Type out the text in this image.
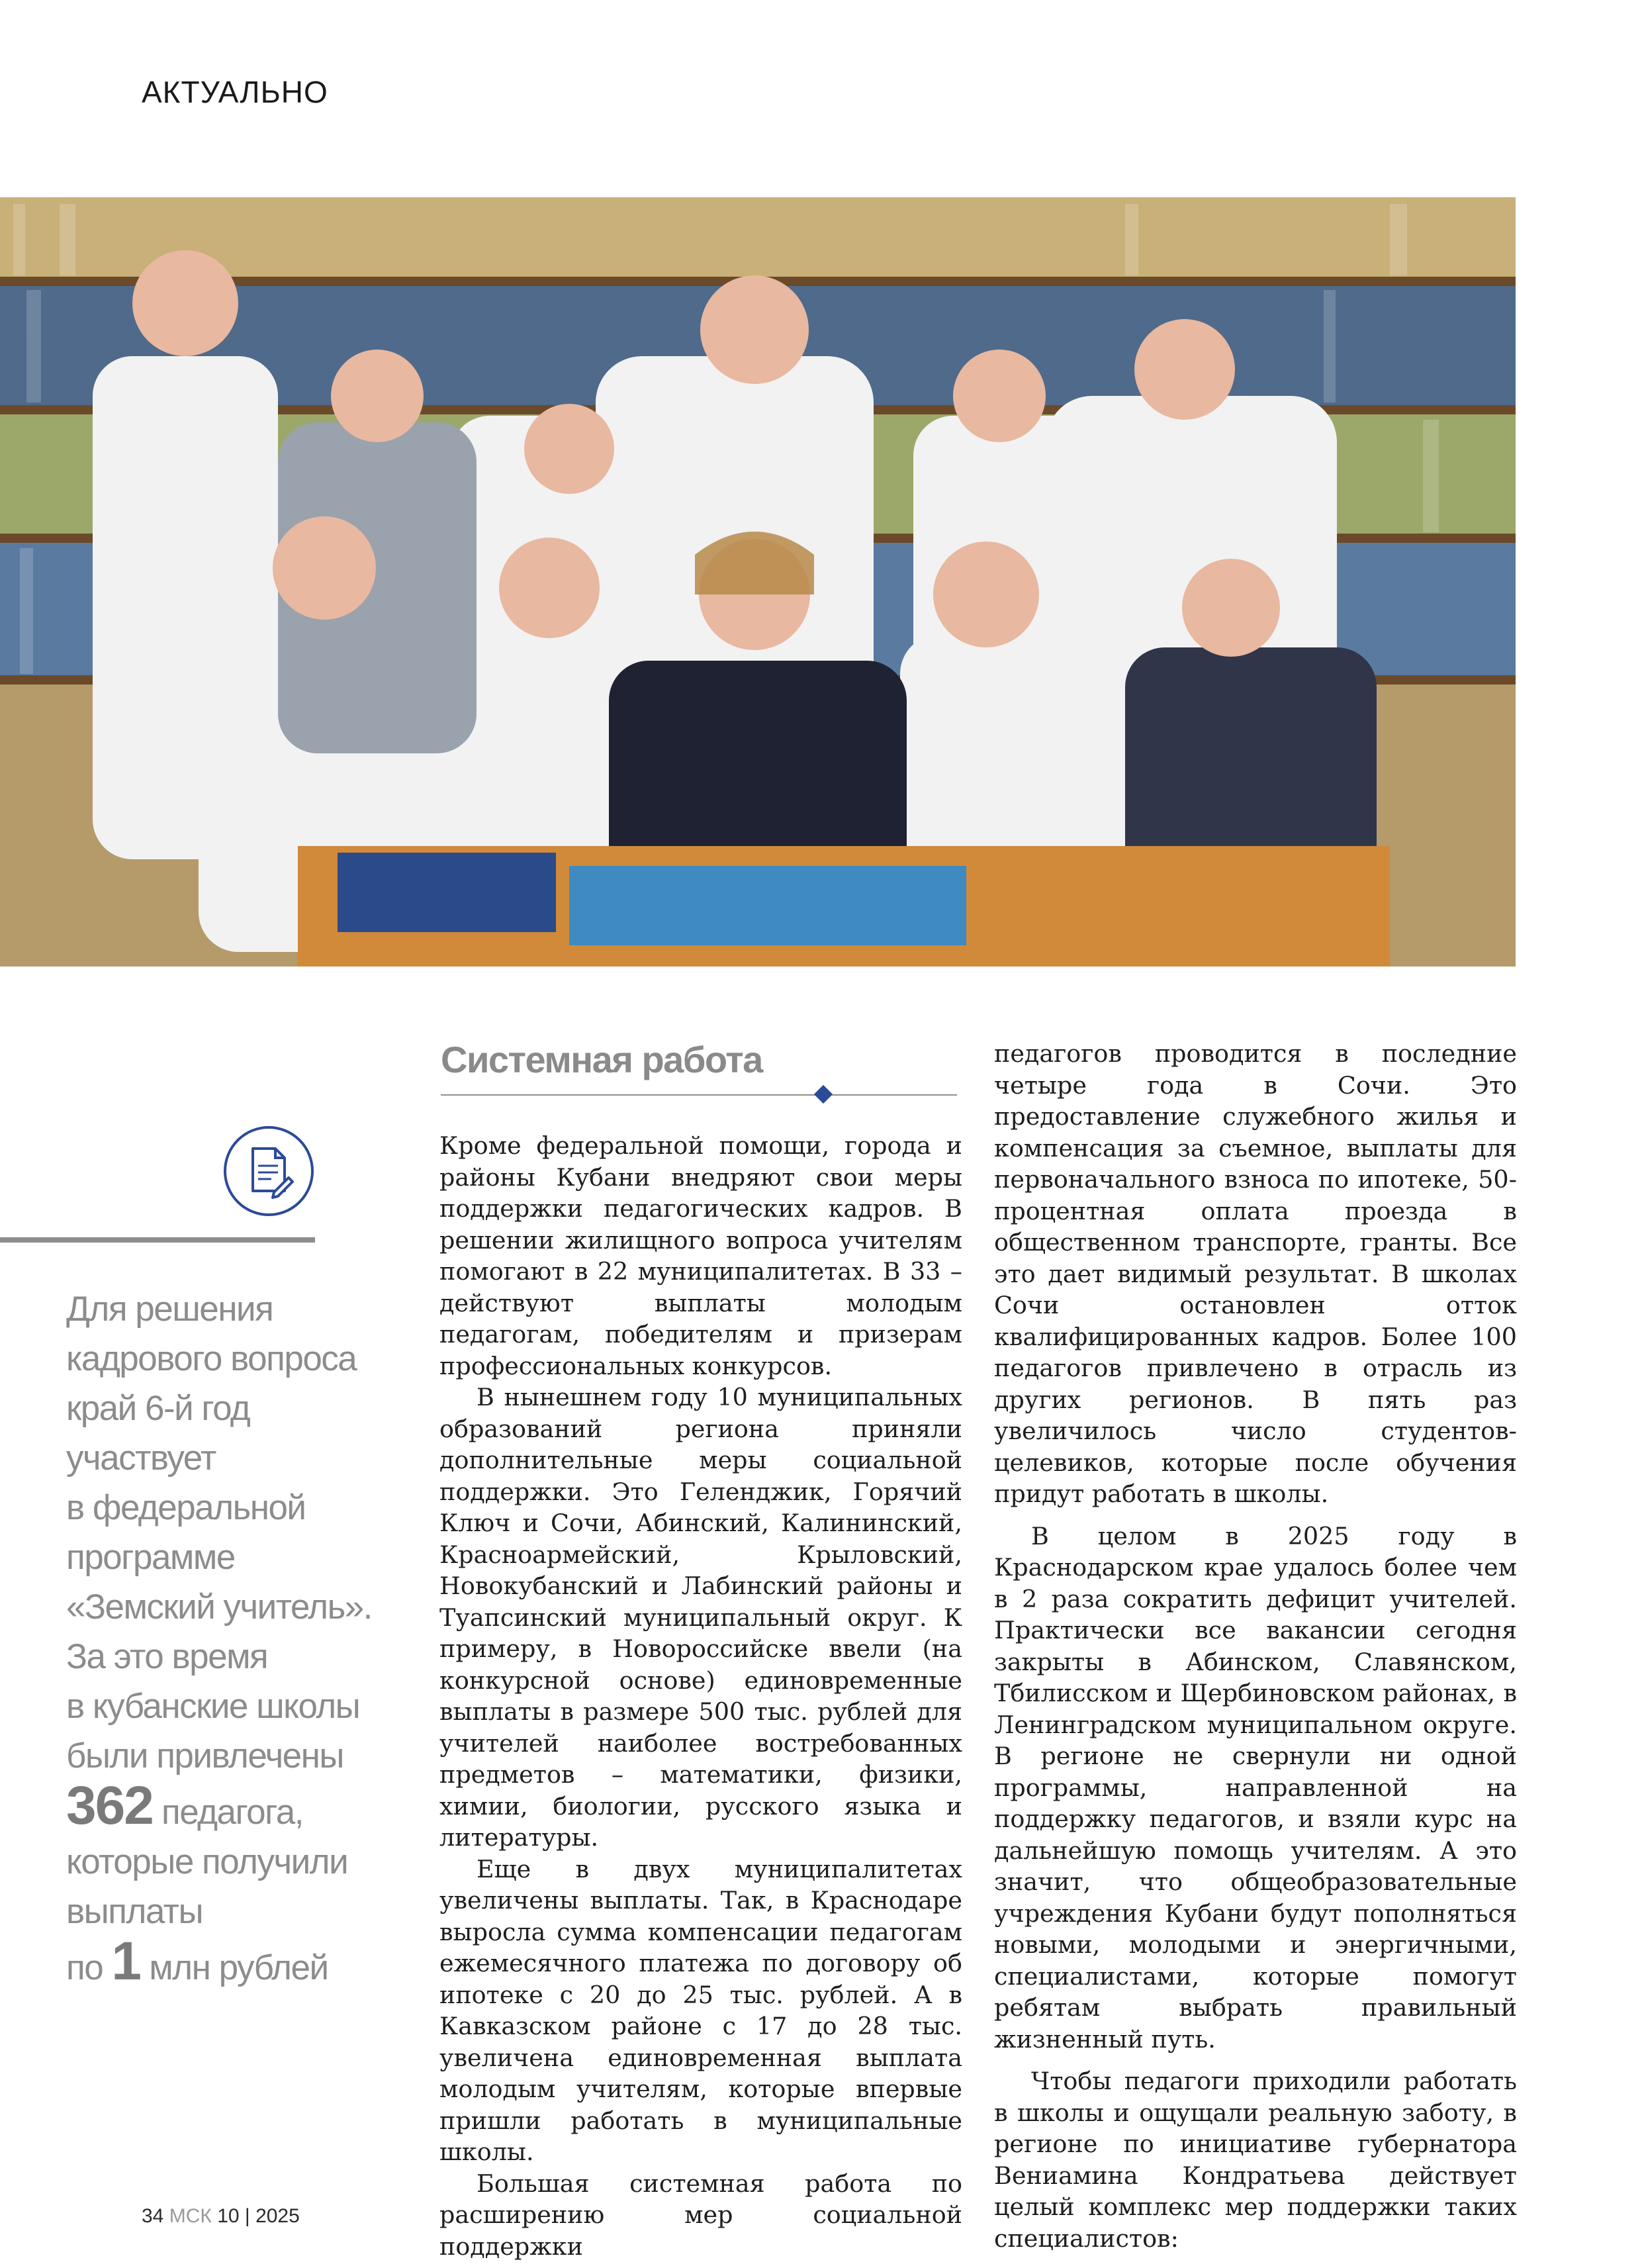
АКТУАЛЬНО
Для решения
кадрового вопроса
край 6-й год
участвует
в федеральной
программе
«Земский учитель».
За это время
в кубанские школы
были привлечены
362 педагога,
которые получили
выплаты
по 1 млн рублей
Системная работа

Кроме федеральной помощи, города и районы Кубани внедряют свои меры поддержки педагогических кадров. В решении жилищного вопроса учителям помогают в 22 муниципалитетах. В 33 – действуют выплаты молодым педагогам, победителям и призерам профессиональных конкурсов.

В нынешнем году 10 муниципальных образований региона приняли дополнительные меры социальной поддержки. Это Геленджик, Горячий Ключ и Сочи, Абинский, Калининский, Красноармейский, Крыловский, Новокубанский и Лабинский районы и Туапсинский муниципальный округ. К примеру, в Новороссийске ввели (на конкурсной основе) единовременные выплаты в размере 500 тыс. рублей для учителей наиболее востребованных предметов – математики, физики, химии, биологии, русского языка и литературы.

Еще в двух муниципалитетах увеличены выплаты. Так, в Краснодаре выросла сумма компенсации педагогам ежемесячного платежа по договору об ипотеке с 20 до 25 тыс. рублей. А в Кавказском районе с 17 до 28 тыс. увеличена единовременная выплата молодым учителям, которые впервые пришли работать в муниципальные школы.

Большая системная работа по расширению мер социальной поддержки

педагогов проводится в последние четыре года в Сочи. Это предоставление служебного жилья и компенсация за съемное, выплаты для первоначального взноса по ипотеке, 50-процентная оплата проезда в общественном транспорте, гранты. Все это дает видимый результат. В школах Сочи остановлен отток квалифицированных кадров. Более 100 педагогов привлечено в отрасль из других регионов. В пять раз увеличилось число студентов-целевиков, которые после обучения придут работать в школы.

В целом в 2025 году в Краснодарском крае удалось более чем в 2 раза сократить дефицит учителей. Практически все вакансии сегодня закрыты в Абинском, Славянском, Тбилисском и Щербиновском районах, в Ленинградском муниципальном округе. В регионе не свернули ни одной программы, направленной на поддержку педагогов, и взяли курс на дальнейшую помощь учителям. А это значит, что общеобразовательные учреждения Кубани будут пополняться новыми, молодыми и энергичными, специалистами, которые помогут ребятам выбрать правильный жизненный путь.

Чтобы педагоги приходили работать в школы и ощущали реальную заботу, в регионе по инициативе губернатора Вениамина Кондратьева действует целый комплекс мер поддержки таких специалистов:

34 МСК 10 | 2025
